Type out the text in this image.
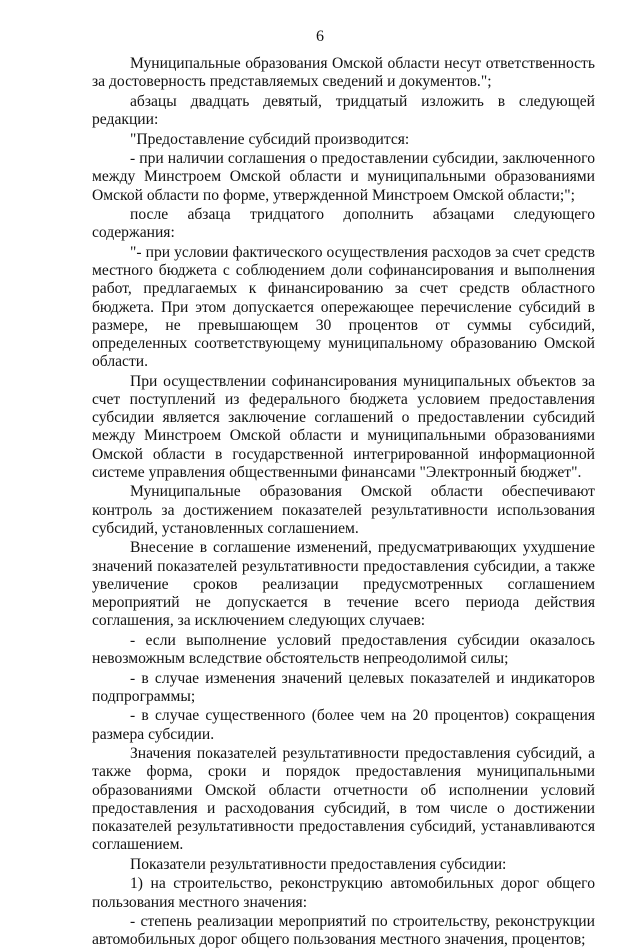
6

Муниципальные образования Омской области несут ответственность за достоверность представляемых сведений и документов.";

абзацы двадцать девятый, тридцатый изложить в следующей редакции:

"Предоставление субсидий производится:

- при наличии соглашения о предоставлении субсидии, заключенного между Минстроем Омской области и муниципальными образованиями Омской области по форме, утвержденной Минстроем Омской области;";

после абзаца тридцатого дополнить абзацами следующего содержания:

"- при условии фактического осуществления расходов за счет средств местного бюджета с соблюдением доли софинансирования и выполнения работ, предлагаемых к финансированию за счет средств областного бюджета. При этом допускается опережающее перечисление субсидий в размере, не превышающем 30 процентов от суммы субсидий, определенных соответствующему муниципальному образованию Омской области.

При осуществлении софинансирования муниципальных объектов за счет поступлений из федерального бюджета условием предоставления субсидии является заключение соглашений о предоставлении субсидий между Минстроем Омской области и муниципальными образованиями Омской области в государственной интегрированной информационной системе управления общественными финансами "Электронный бюджет".

Муниципальные образования Омской области обеспечивают контроль за достижением показателей результативности использования субсидий, установленных соглашением.

Внесение в соглашение изменений, предусматривающих ухудшение значений показателей результативности предоставления субсидии, а также увеличение сроков реализации предусмотренных соглашением мероприятий не допускается в течение всего периода действия соглашения, за исключением следующих случаев:

- если выполнение условий предоставления субсидии оказалось невозможным вследствие обстоятельств непреодолимой силы;

- в случае изменения значений целевых показателей и индикаторов подпрограммы;

- в случае существенного (более чем на 20 процентов) сокращения размера субсидии.

Значения показателей результативности предоставления субсидий, а также форма, сроки и порядок предоставления муниципальными образованиями Омской области отчетности об исполнении условий предоставления и расходования субсидий, в том числе о достижении показателей результативности предоставления субсидий, устанавливаются соглашением.

Показатели результативности предоставления субсидии:

1) на строительство, реконструкцию автомобильных дорог общего пользования местного значения:

- степень реализации мероприятий по строительству, реконструкции автомобильных дорог общего пользования местного значения, процентов;
